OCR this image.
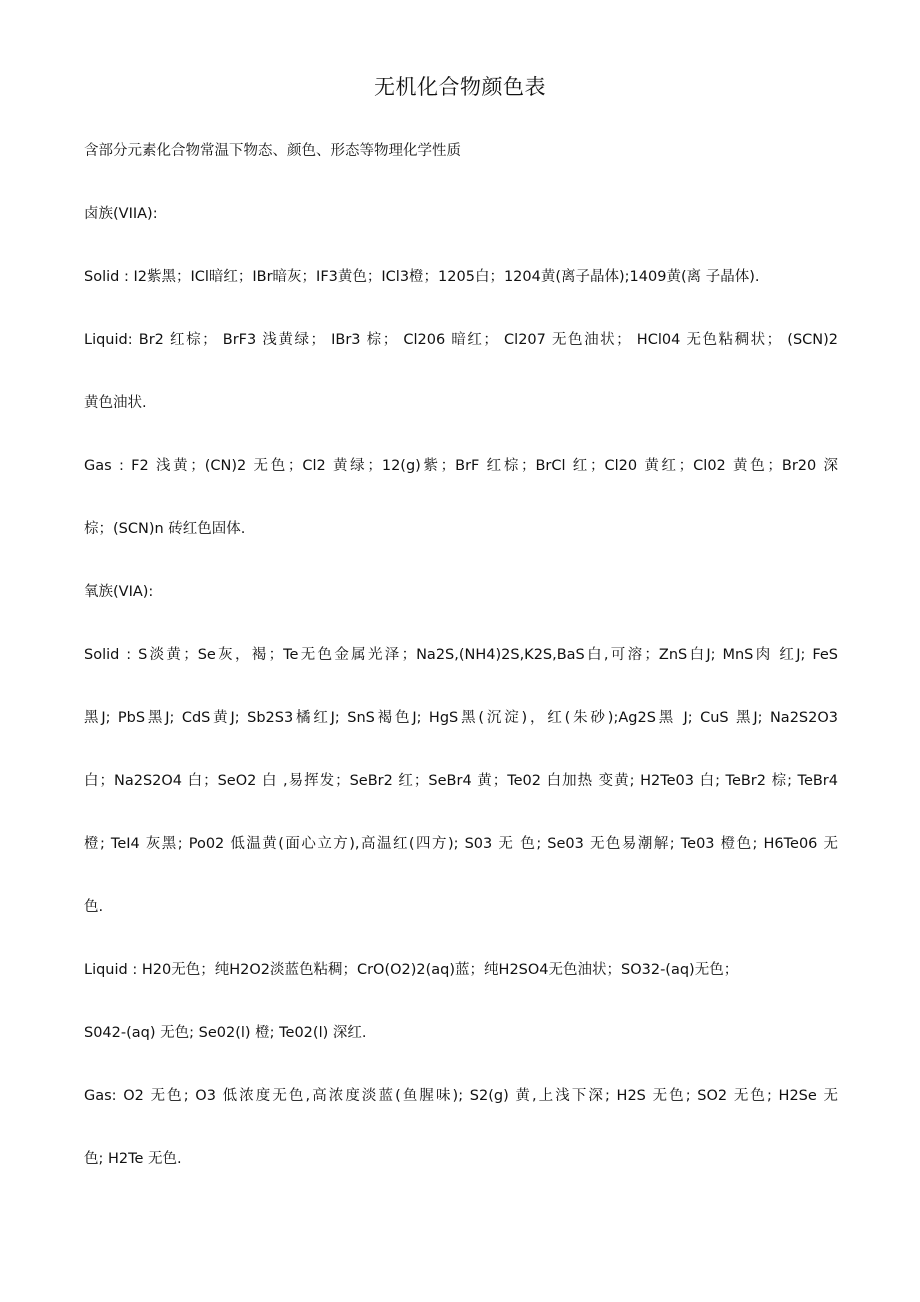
无机化合物颜色表
含部分元素化合物常温下物态、颜色、形态等物理化学性质
卤族(VIIA):
Solid : I2紫黑；ICl暗红；IBr暗灰；IF3黄色；ICl3橙；1205白；1204黄(离子晶体);1409黄(离 子晶体).
Liquid: Br2 红棕； BrF3 浅黄绿； IBr3 棕； Cl206 暗红； Cl207 无色油状； HCl04 无色粘稠状； (SCN)2
黄色油状.
Gas : F2 浅黄；(CN)2 无色；Cl2 黄绿；12(g)紫；BrF 红棕；BrCl 红；Cl20 黄红；Cl02 黄色；Br20 深
棕；(SCN)n 砖红色固体.
氧族(VIA):
Solid : S淡黄；Se灰，褐；Te无色金属光泽；Na2S,(NH4)2S,K2S,BaS白,可溶；ZnS白J; MnS肉 红J; FeS
黑J; PbS黑J; CdS黄J; Sb2S3橘红J; SnS褐色J; HgS黑(沉淀)，红(朱砂);Ag2S黑 J; CuS 黑J; Na2S2O3
白；Na2S2O4 白；SeO2 白 ,易挥发；SeBr2 红；SeBr4 黄；Te02 白加热 变黄; H2Te03 白; TeBr2 棕; TeBr4
橙; TeI4 灰黑; Po02 低温黄(面心立方),高温红(四方); S03 无 色; Se03 无色易潮解; Te03 橙色; H6Te06 无
色.
Liquid : H20无色；纯H2O2淡蓝色粘稠；CrO(O2)2(aq)蓝；纯H2SO4无色油状；SO32-(aq)无色；
S042-(aq) 无色; Se02(l) 橙; Te02(l) 深红.
Gas: O2 无色; O3 低浓度无色,高浓度淡蓝(鱼腥味); S2(g) 黄,上浅下深; H2S 无色; SO2 无色; H2Se 无
色; H2Te 无色.
